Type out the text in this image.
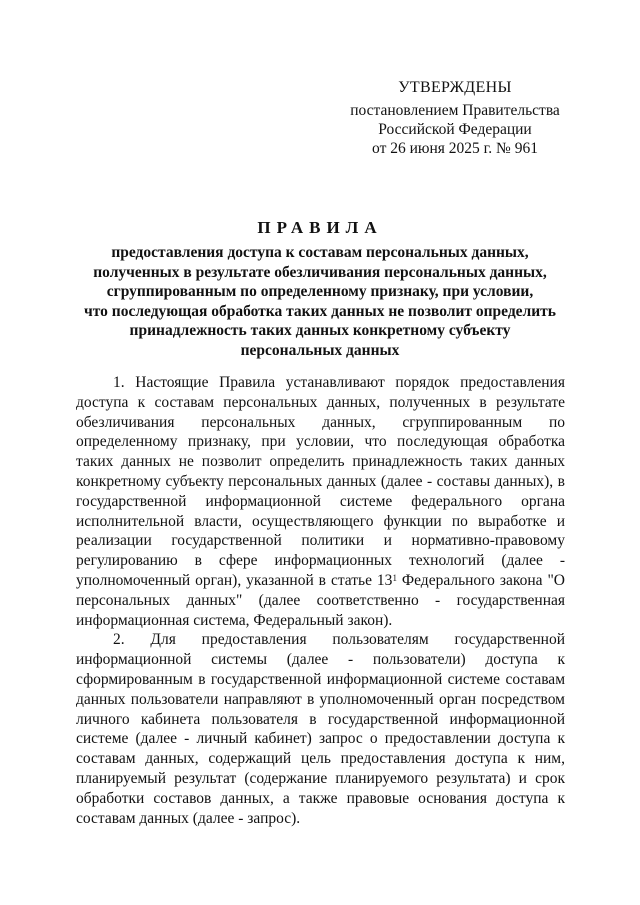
УТВЕРЖДЕНЫ
постановлением Правительства
Российской Федерации
от 26 июня 2025 г. № 961
ПРАВИЛА
предоставления доступа к составам персональных данных,
полученных в результате обезличивания персональных данных,
сгруппированным по определенному признаку, при условии,
что последующая обработка таких данных не позволит определить
принадлежность таких данных конкретному субъекту
персональных данных

1. Настоящие Правила устанавливают порядок предоставления доступа к составам персональных данных, полученных в результате обезличивания персональных данных, сгруппированным по определенному признаку, при условии, что последующая обработка таких данных не позволит определить принадлежность таких данных конкретному субъекту персональных данных (далее - составы данных), в государственной информационной системе федерального органа исполнительной власти, осуществляющего функции по выработке и реализации государственной политики и нормативно-правовому регулированию в сфере информационных технологий (далее - уполномоченный орган), указанной в статье $13^1$ Федерального закона "О персональных данных" (далее соответственно - государственная информационная система, Федеральный закон).

2. Для предоставления пользователям государственной информационной системы (далее - пользователи) доступа к сформированным в государственной информационной системе составам данных пользователи направляют в уполномоченный орган посредством личного кабинета пользователя в государственной информационной системе (далее - личный кабинет) запрос о предоставлении доступа к составам данных, содержащий цель предоставления доступа к ним, планируемый результат (содержание планируемого результата) и срок обработки составов данных, а также правовые основания доступа к составам данных (далее - запрос).
